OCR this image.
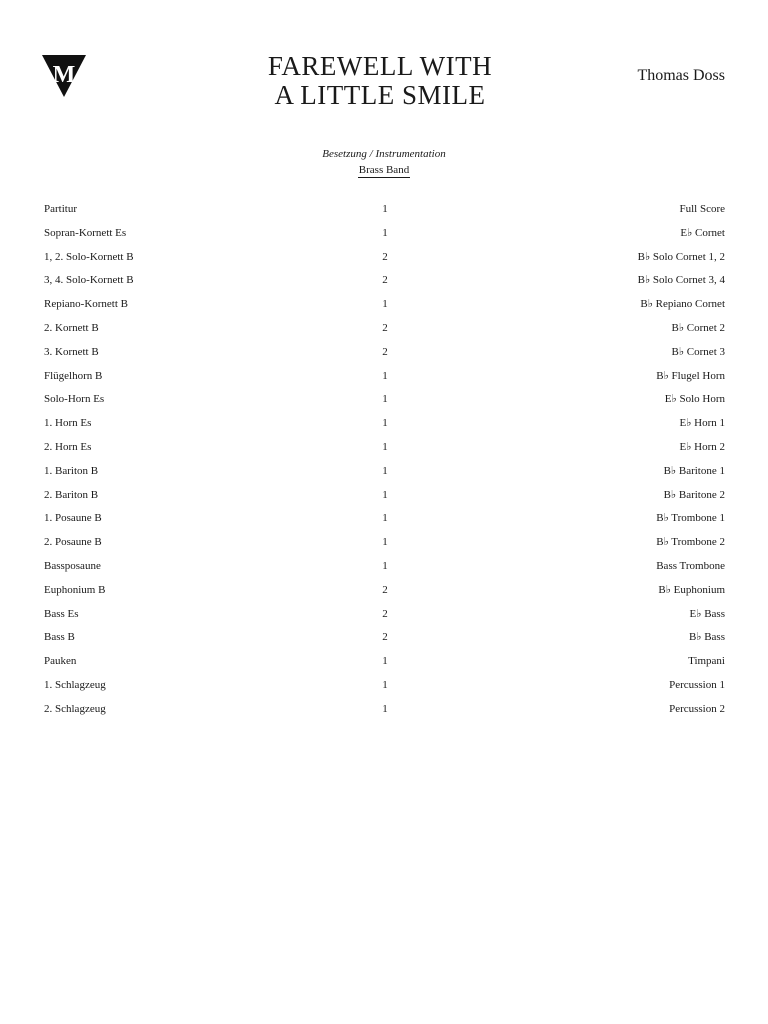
M	FAREWELL WITH
A LITTLE SMILE
Thomas Doss
Besetzung / Instrumentation
Brass Band
Partitur	1	Full Score
Sopran-Kornett Es	1	E♭ Cornet
1, 2. Solo-Kornett B	2	B♭ Solo Cornet 1, 2
3, 4. Solo-Kornett B	2	B♭ Solo Cornet 3, 4
Repiano-Kornett B	1	B♭ Repiano Cornet
2. Kornett B	2	B♭ Cornet 2
3. Kornett B	2	B♭ Cornet 3
Flügelhorn B	1	B♭ Flugel Horn
Solo-Horn Es	1	E♭ Solo Horn
1. Horn Es	1	E♭ Horn 1
2. Horn Es	1	E♭ Horn 2
1. Bariton B	1	B♭ Baritone 1
2. Bariton B	1	B♭ Baritone 2
1. Posaune B	1	B♭ Trombone 1
2. Posaune B	1	B♭ Trombone 2
Bassposaune	1	Bass Trombone
Euphonium B	2	B♭ Euphonium
Bass Es	2	E♭ Bass
Bass B	2	B♭ Bass
Pauken	1	Timpani
1. Schlagzeug	1	Percussion 1
2. Schlagzeug	1	Percussion 2
